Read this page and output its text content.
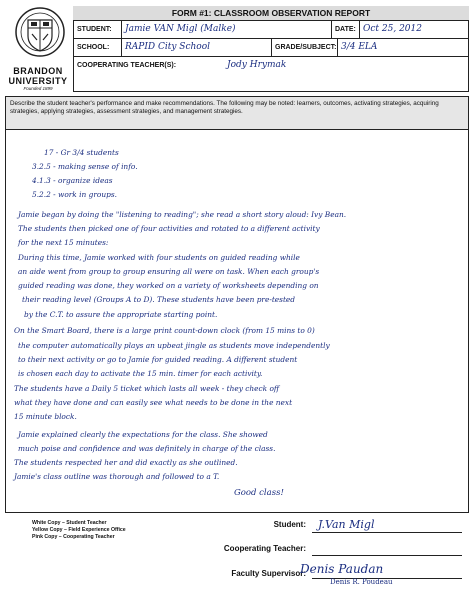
BRANDON
UNIVERSITY
Founded 1899
STUDENT:	Jamie VAN Migl (Malke)	DATE: Oct 25, 2012
SCHOOL:	RAPID City School	GRADE/SUBJECT: 3/4 ELA
COOPERATING TEACHER(S):	Jody Hrymak
FORM #1: CLASSROOM OBSERVATION REPORT
Describe the student teacher's performance and make recommendations. The following may be noted: learners, outcomes, activating strategies, acquiring strategies, applying strategies, assessment strategies, and management strategies.
17 - Gr 3/4 students
3.2.5 - making sense of info.
4.1.3 - organize ideas
5.2.2 - work in groups.
Jamie began by doing the "listening to reading"; she read a short story aloud: Ivy Bean.
The students then picked one of four activities and rotated to a different activity
for the next 15 minutes:
During this time, Jamie worked with four students on guided reading while
an aide went from group to group ensuring all were on task. When each group's
guided reading was done, they worked on a variety of worksheets depending on
their reading level (Groups A to D). These students have been pre-tested
by the C.T. to assure the appropriate starting point.
On the Smart Board, there is a large print count-down clock (from 15 mins to 0)
the computer automatically plays an upbeat jingle as students move independently
to their next activity or go to Jamie for guided reading. A different student
is chosen each day to activate the 15 min. timer for each activity.
The students have a Daily 5 ticket which lasts all week - they check off
what they have done and can easily see what needs to be done in the next
15 minute block.
Jamie explained clearly the expectations for the class. She showed
much poise and confidence and was definitely in charge of the class.
The students respected her and did exactly as she outlined.
Jamie's class outline was thorough and followed to a T.
Good class!
White Copy – Student Teacher
Yellow Copy – Field Experience Office
Pink Copy – Cooperating Teacher
Student: J.Van Migl
Cooperating Teacher:
Faculty Supervisor:
Denis Paudan
Denis R. Poudeau
